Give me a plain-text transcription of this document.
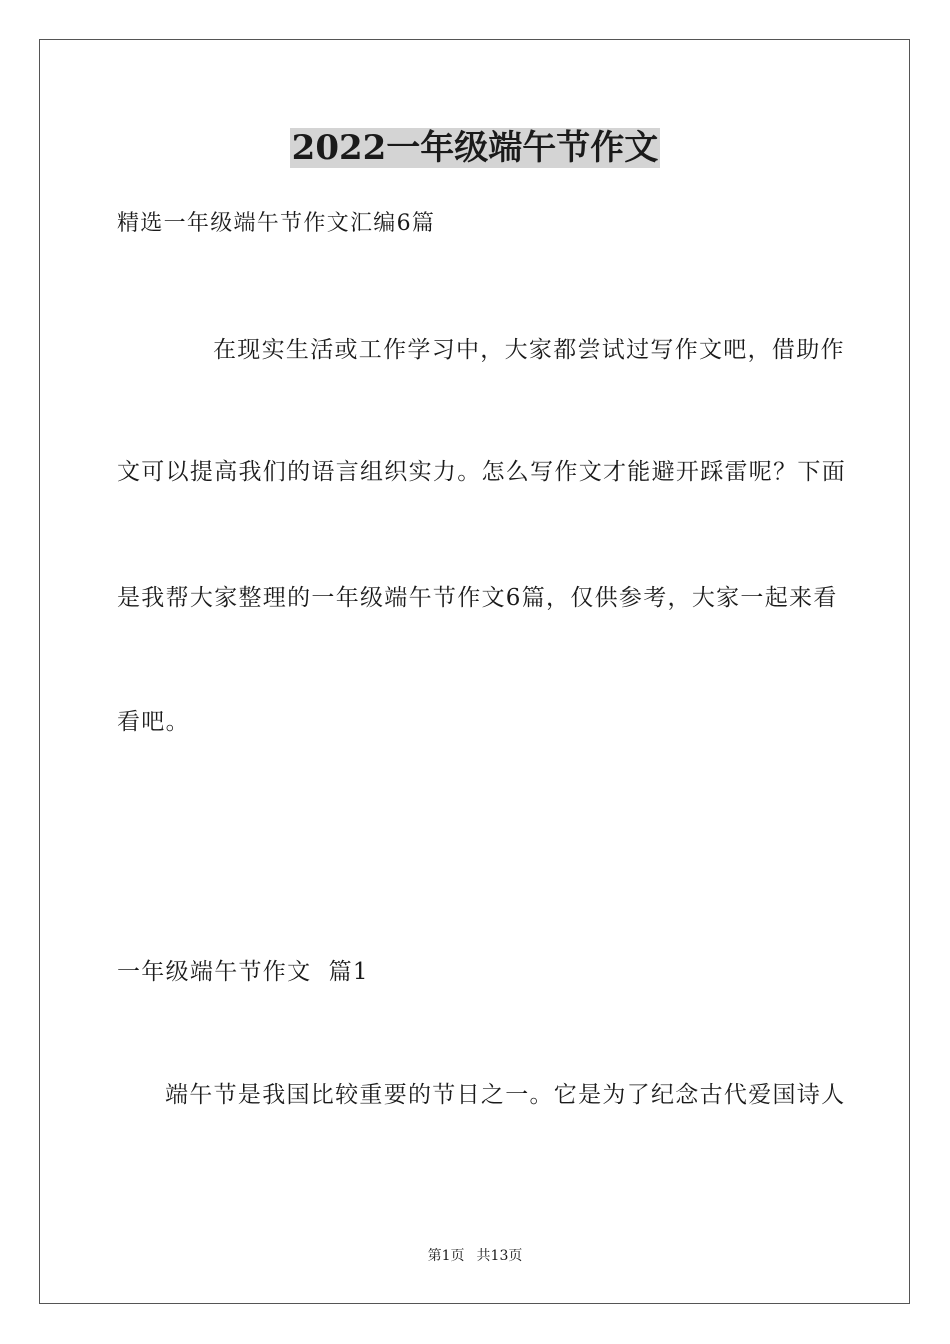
2022一年级端午节作文
精选一年级端午节作文汇编6篇
在现实生活或工作学习中，大家都尝试过写作文吧，借助作
文可以提高我们的语言组织实力。怎么写作文才能避开踩雷呢？下面
是我帮大家整理的一年级端午节作文6篇，仅供参考，大家一起来看
看吧。
一年级端午节作文  篇1
端午节是我国比较重要的节日之一。它是为了纪念古代爱国诗人
第1页 共13页
